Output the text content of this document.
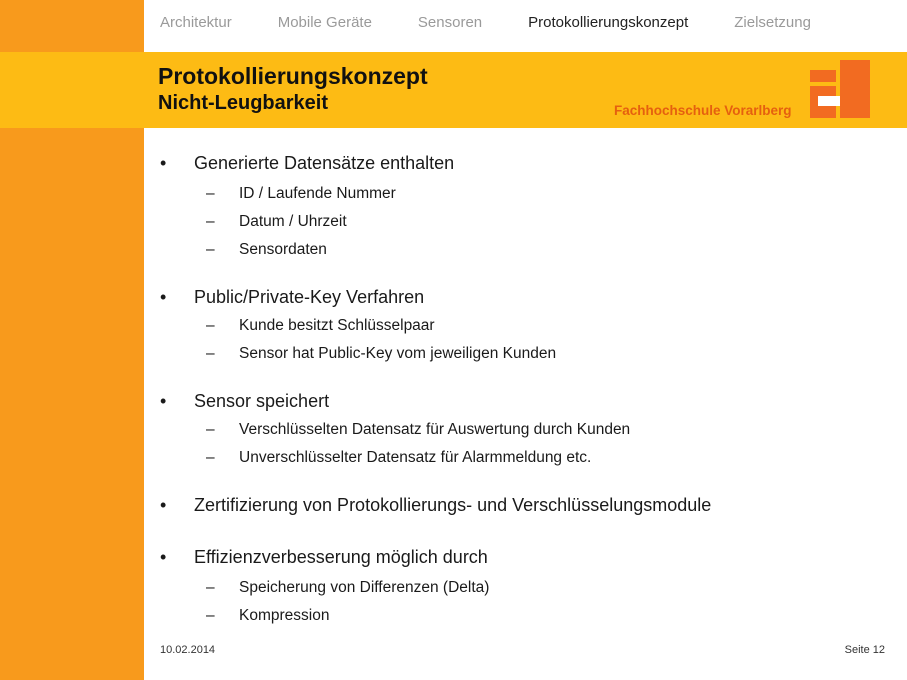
Architektur	Mobile Geräte	Sensoren	Protokollierungskonzept	Zielsetzung
Protokollierungskonzept
Nicht-Leugbarkeit	Fachhochschule Vorarlberg
• Generierte Datensätze enthalten
– ID / Laufende Nummer
– Datum / Uhrzeit
– Sensordaten
• Public/Private-Key Verfahren
– Kunde besitzt Schlüsselpaar
– Sensor hat Public-Key vom jeweiligen Kunden
• Sensor speichert
– Verschlüsselten Datensatz für Auswertung durch Kunden
– Unverschlüsselter Datensatz für Alarmmeldung etc.
• Zertifizierung von Protokollierungs- und Verschlüsselungsmodule
• Effizienzverbesserung möglich durch
– Speicherung von Differenzen (Delta)
– Kompression
10.02.2014	Seite 12
